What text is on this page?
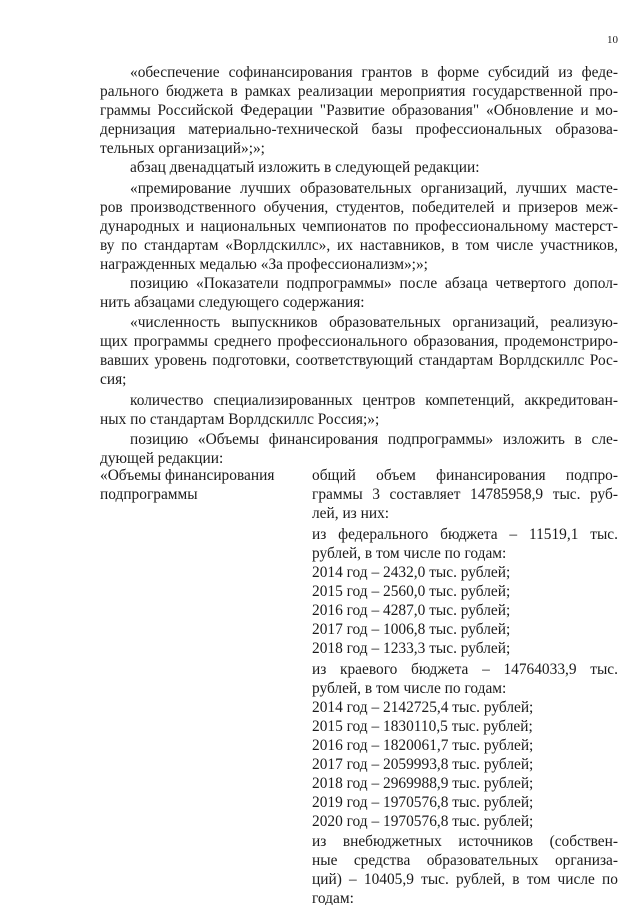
10
«обеспечение софинансирования грантов в форме субсидий из феде-
рального бюджета в рамках реализации мероприятия государственной про-
граммы Российской Федерации "Развитие образования" «Обновление и мо-
дернизация материально-технической базы профессиональных образова-
тельных организаций»;»;
абзац двенадцатый изложить в следующей редакции:
«премирование лучших образовательных организаций, лучших масте-
ров производственного обучения, студентов, победителей и призеров меж-
дународных и национальных чемпионатов по профессиональному мастерст-
ву по стандартам «Ворлдскиллс», их наставников, в том числе участников,
награжденных медалью «За профессионализм»;»;
позицию «Показатели подпрограммы» после абзаца четвертого допол-
нить абзацами следующего содержания:
«численность выпускников образовательных организаций, реализую-
щих программы среднего профессионального образования, продемонстриро-
вавших уровень подготовки, соответствующий стандартам Ворлдскиллс Рос-
сия;
количество специализированных центров компетенций, аккредитован-
ных по стандартам Ворлдскиллс Россия;»;
позицию «Объемы финансирования подпрограммы» изложить в сле-
дующей редакции:
«Объемы финансирования
подпрограммы
общий объем финансирования подпро-
граммы 3 составляет 14785958,9 тыс. руб-
лей, из них:
из федерального бюджета – 11519,1 тыс.
рублей, в том числе по годам:
2014 год – 2432,0 тыс. рублей;
2015 год – 2560,0 тыс. рублей;
2016 год – 4287,0 тыс. рублей;
2017 год – 1006,8 тыс. рублей;
2018 год – 1233,3 тыс. рублей;
из краевого бюджета – 14764033,9 тыс.
рублей, в том числе по годам:
2014 год – 2142725,4 тыс. рублей;
2015 год – 1830110,5 тыс. рублей;
2016 год – 1820061,7 тыс. рублей;
2017 год – 2059993,8 тыс. рублей;
2018 год – 2969988,9 тыс. рублей;
2019 год – 1970576,8 тыс. рублей;
2020 год – 1970576,8 тыс. рублей;
из внебюджетных источников (собствен-
ные средства образовательных организа-
ций) – 10405,9 тыс. рублей, в том числе по
годам:
